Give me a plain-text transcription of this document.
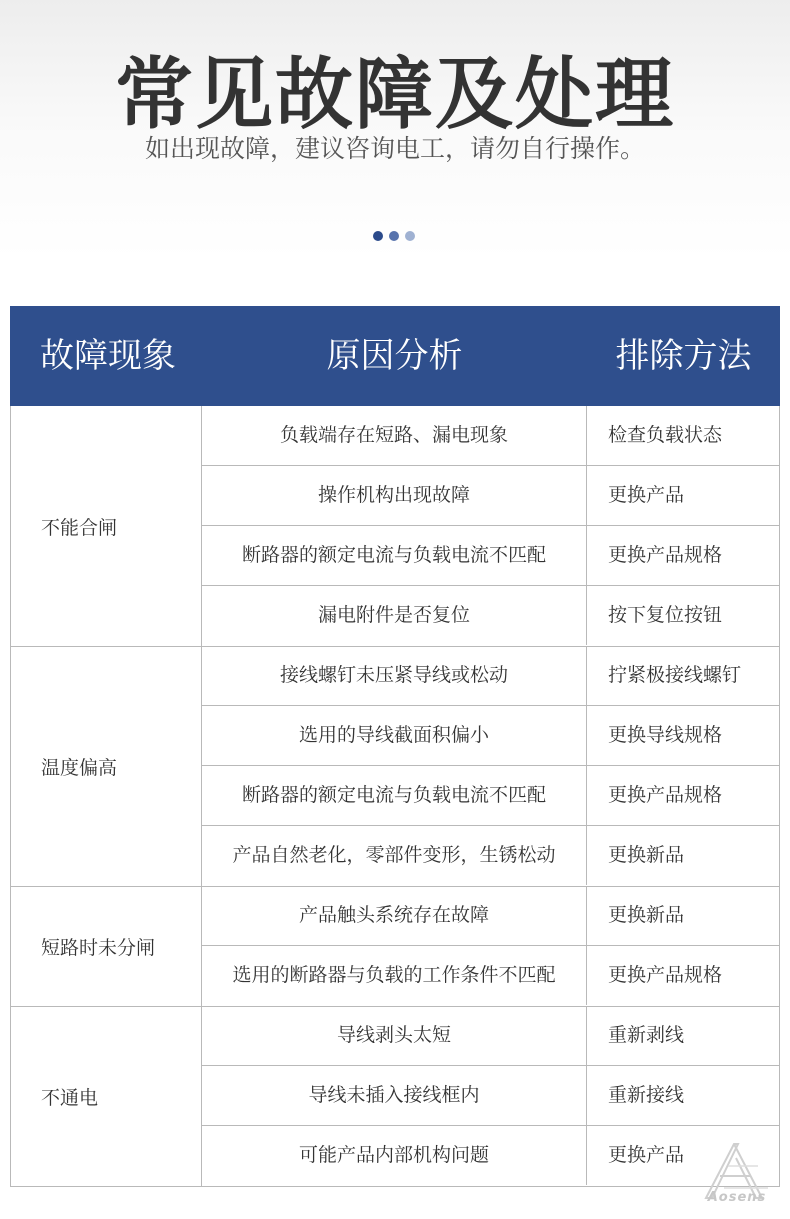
常见故障及处理
如出现故障，建议咨询电工，请勿自行操作。
故障现象	原因分析	排除方法
不能合闸
负载端存在短路、漏电现象	检查负载状态
操作机构出现故障	更换产品
断路器的额定电流与负载电流不匹配	更换产品规格
漏电附件是否复位	按下复位按钮
温度偏高
接线螺钉未压紧导线或松动	拧紧极接线螺钉
选用的导线截面积偏小	更换导线规格
断路器的额定电流与负载电流不匹配	更换产品规格
产品自然老化，零部件变形，生锈松动	更换新品
短路时未分闸
产品触头系统存在故障	更换新品
选用的断路器与负载的工作条件不匹配	更换产品规格
不通电
导线剥头太短	重新剥线
导线未插入接线框内	重新接线
可能产品内部机构问题	更换产品
Aosens
